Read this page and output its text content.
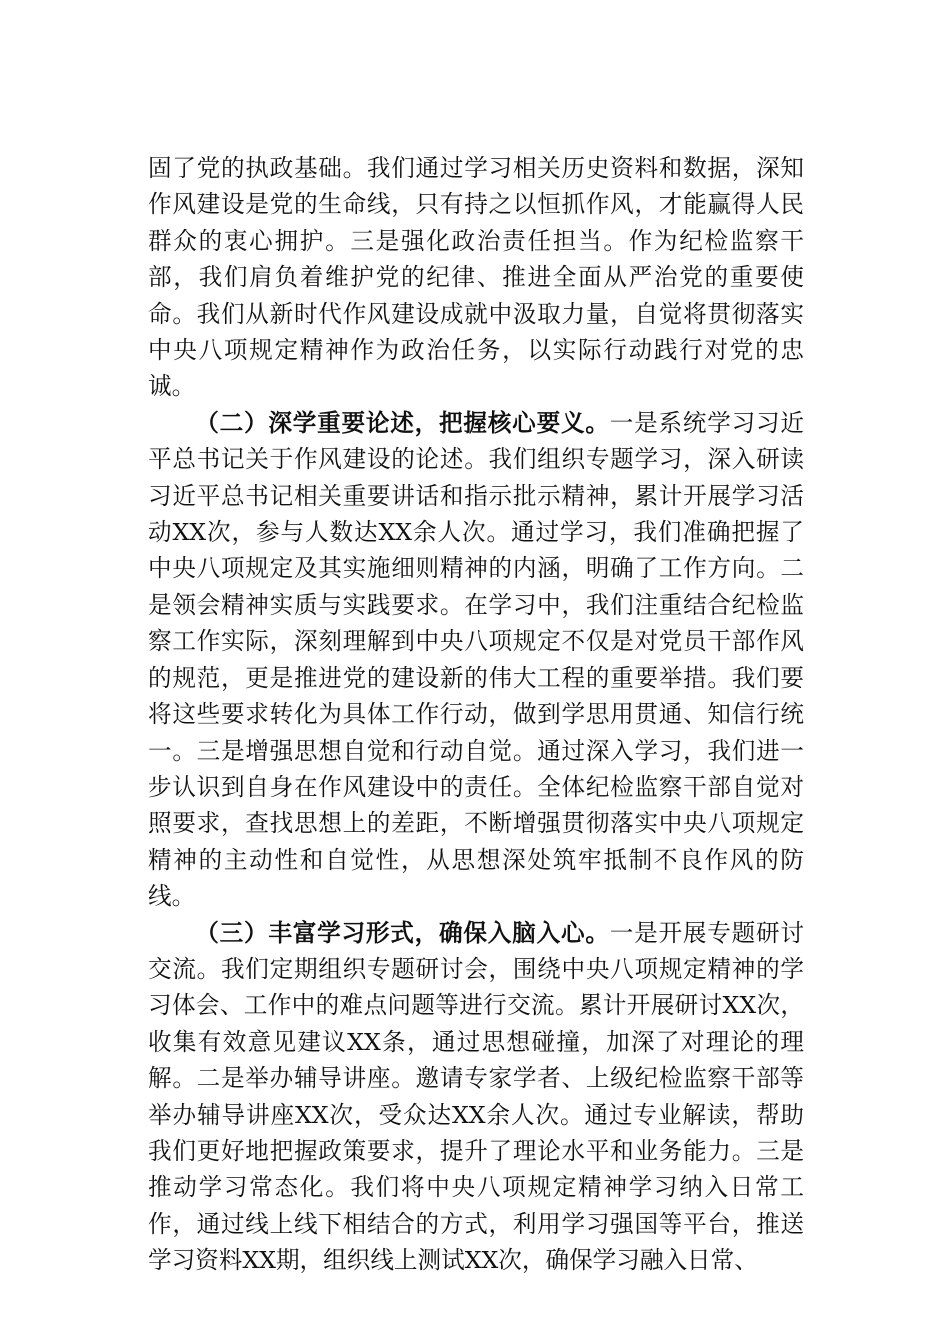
固了党的执政基础。我们通过学习相关历史资料和数据，深知作风建设是党的生命线，只有持之以恒抓作风，才能赢得人民群众的衷心拥护。三是强化政治责任担当。作为纪检监察干部，我们肩负着维护党的纪律、推进全面从严治党的重要使命。我们从新时代作风建设成就中汲取力量，自觉将贯彻落实中央八项规定精神作为政治任务，以实际行动践行对党的忠诚。

（二）深学重要论述，把握核心要义。一是系统学习习近平总书记关于作风建设的论述。我们组织专题学习，深入研读习近平总书记相关重要讲话和指示批示精神，累计开展学习活动XX次，参与人数达XX余人次。通过学习，我们准确把握了中央八项规定及其实施细则精神的内涵，明确了工作方向。二是领会精神实质与实践要求。在学习中，我们注重结合纪检监察工作实际，深刻理解到中央八项规定不仅是对党员干部作风的规范，更是推进党的建设新的伟大工程的重要举措。我们要将这些要求转化为具体工作行动，做到学思用贯通、知信行统一。三是增强思想自觉和行动自觉。通过深入学习，我们进一步认识到自身在作风建设中的责任。全体纪检监察干部自觉对照要求，查找思想上的差距，不断增强贯彻落实中央八项规定精神的主动性和自觉性，从思想深处筑牢抵制不良作风的防线。

（三）丰富学习形式，确保入脑入心。一是开展专题研讨交流。我们定期组织专题研讨会，围绕中央八项规定精神的学习体会、工作中的难点问题等进行交流。累计开展研讨XX次，收集有效意见建议XX条，通过思想碰撞，加深了对理论的理解。二是举办辅导讲座。邀请专家学者、上级纪检监察干部等举办辅导讲座XX次，受众达XX余人次。通过专业解读，帮助我们更好地把握政策要求，提升了理论水平和业务能力。三是推动学习常态化。我们将中央八项规定精神学习纳入日常工作，通过线上线下相结合的方式，利用学习强国等平台，推送学习资料XX期，组织线上测试XX次，确保学习融入日常、
